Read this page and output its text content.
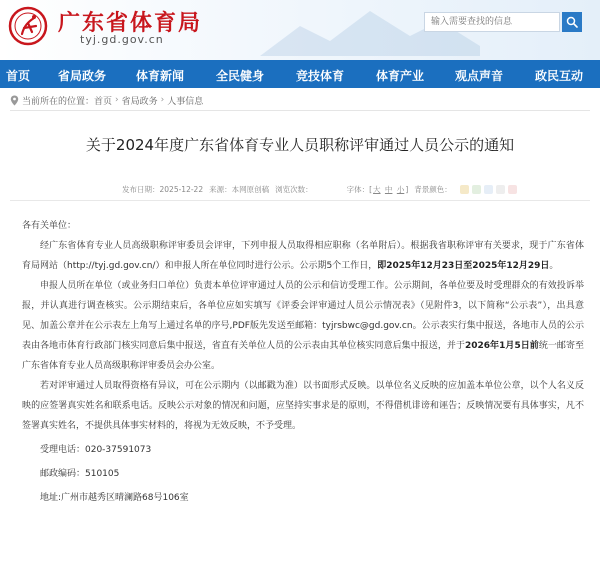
广东省体育局
tyj.gd.gov.cn
输入需要查找的信息
首页 省局政务 体育新闻	全民健身	竞技体育	体育产业	观点声音	政民互动
当前所在的位置： 首页 › 省局政务 › 人事信息
关于2024年度广东省体育专业人员职称评审通过人员公示的通知
发布日期：2025-12-22 来源：本网原创稿 浏览次数：	字体：[大 中 小] 背景颜色：

各有关单位：

经广东省体育专业人员高级职称评审委员会评审，下列申报人员取得相应职称（名单附后）。根据我省职称评审有关要求，现于广东省体育局网站（http://tyj.gd.gov.cn/）和申报人所在单位同时进行公示。公示期5个工作日，即2025年12月23日至2025年12月29日。

申报人员所在单位（或业务归口单位）负责本单位评审通过人员的公示和信访受理工作。公示期间，各单位要及时受理群众的有效投诉举报，并认真进行调查核实。公示期结束后，各单位应如实填写《评委会评审通过人员公示情况表》（见附件3，以下简称“公示表”），出具意见、加盖公章并在公示表左上角写上通过名单的序号,PDF版先发送至邮箱：tyjrsbwc@gd.gov.cn。公示表实行集中报送，各地市人员的公示表由各地市体育行政部门核实同意后集中报送，省直有关单位人员的公示表由其单位核实同意后集中报送，并于2026年1月5日前统一邮寄至广东省体育专业人员高级职称评审委员会办公室。

若对评审通过人员取得资格有异议，可在公示期内（以邮戳为准）以书面形式反映。以单位名义反映的应加盖本单位公章，以个人名义反映的应签署真实姓名和联系电话。反映公示对象的情况和问题，应坚持实事求是的原则，不得借机诽谤和诬告；反映情况要有具体事实，凡不签署真实姓名，不提供具体事实材料的，将视为无效反映，不予受理。

受理电话：020-37591073

邮政编码：510105

地址:广州市越秀区晴澜路68号106室
